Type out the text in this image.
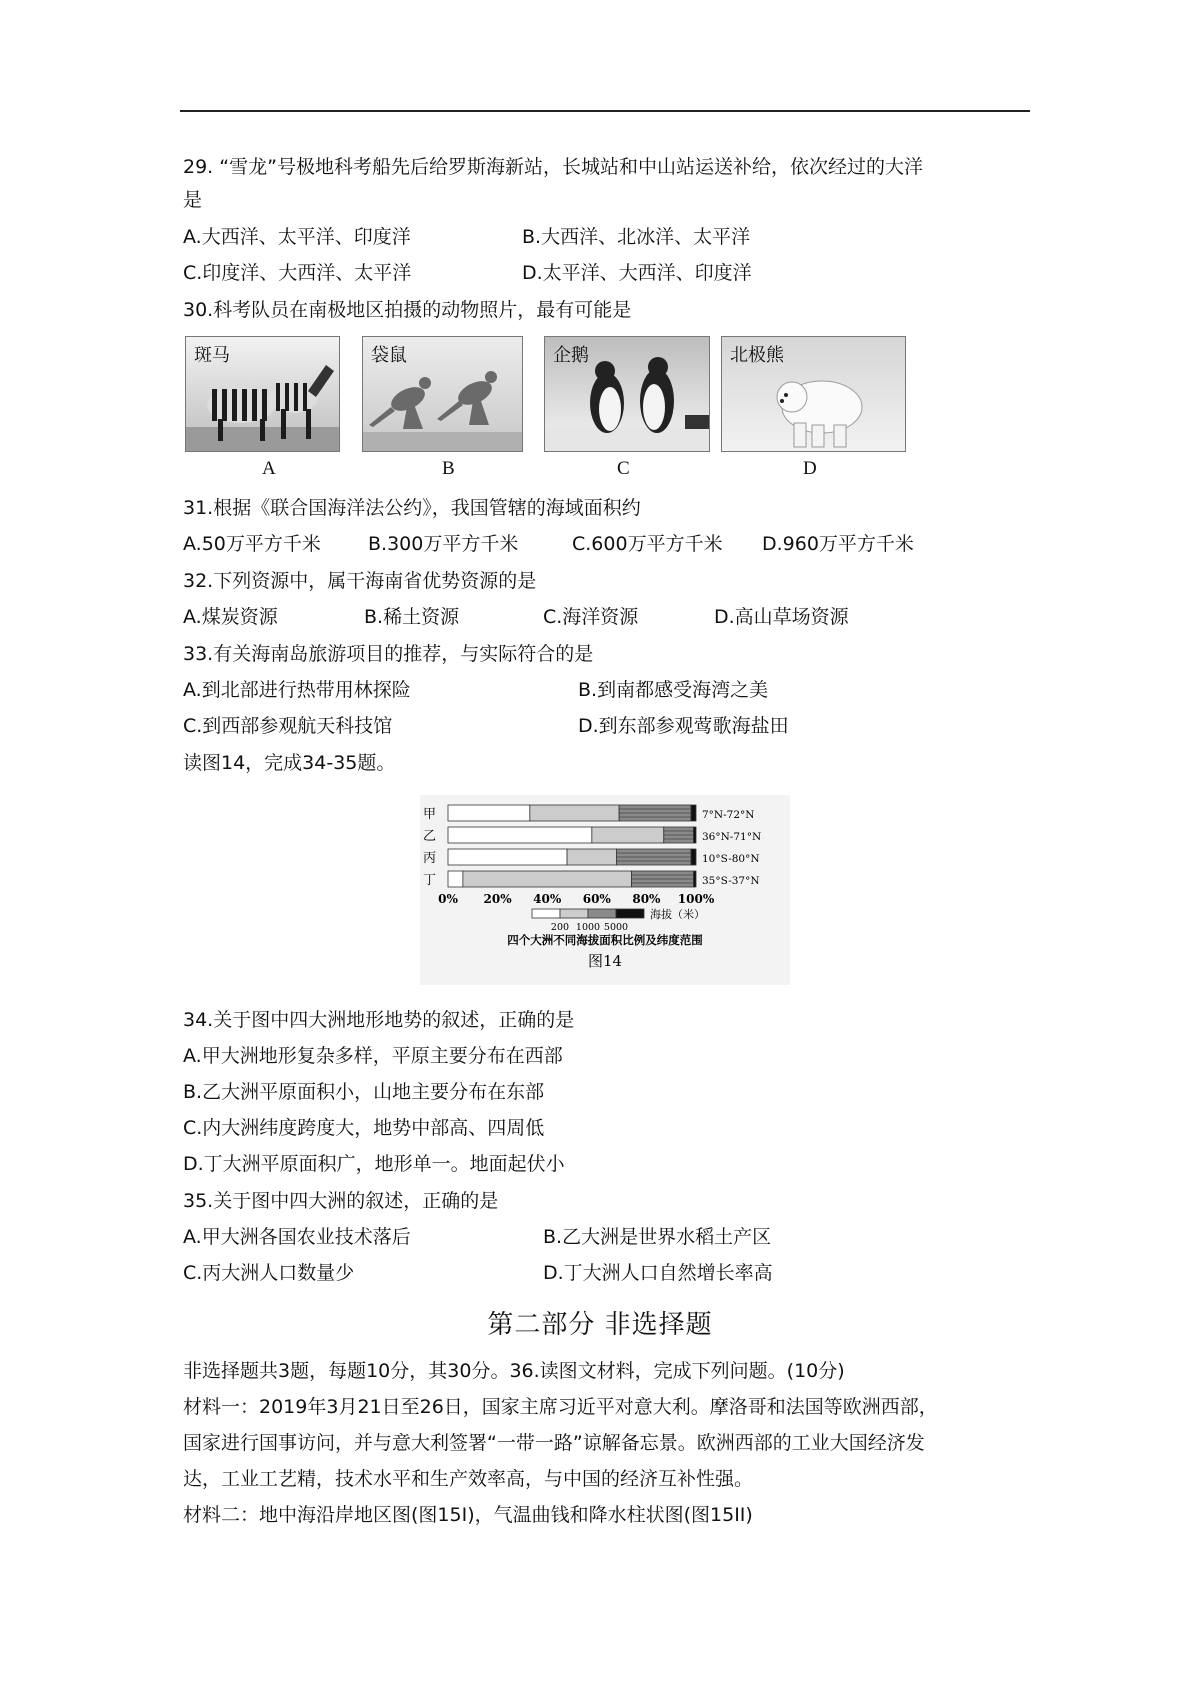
29. “雪龙”号极地科考船先后给罗斯海新站，长城站和中山站运送补给，依次经过的大洋
是
A.大西洋、太平洋、印度洋	B.大西洋、北冰洋、太平洋
C.印度洋、大西洋、太平洋	D.太平洋、大西洋、印度洋
30.科考队员在南极地区拍摄的动物照片，最有可能是
斑马	袋鼠	企鹅	北极熊
A	B	C	D
31.根据《联合国海洋法公约》，我国管辖的海域面积约
A.50万平方千米 B.300万平方千米	C.600万平方千米 D.960万平方千米
32.下列资源中，属干海南省优势资源的是
A.煤炭资源	B.稀土资源	C.海洋资源	D.高山草场资源
33.有关海南岛旅游项目的推荐，与实际符合的是
A.到北部进行热带用林探险	B.到南都感受海湾之美
C.到西部参观航天科技馆	D.到东部参观莺歌海盐田
读图14，完成34-35题。
甲	7°N-72°N
乙	36°N-71°N
丙	10°S-80°N
丁	35°S-37°N
0% 20% 40% 60% 80% 100%
海拔（米）
200 1000 5000
四个大洲不同海拔面积比例及纬度范围
图14
34.关于图中四大洲地形地势的叙述，正确的是
A.甲大洲地形复杂多样，平原主要分布在西部
B.乙大洲平原面积小，山地主要分布在东部
C.内大洲纬度跨度大，地势中部高、四周低
D.丁大洲平原面积广，地形单一。地面起伏小
35.关于图中四大洲的叙述，正确的是
A.甲大洲各国农业技术落后	B.乙大洲是世界水稻土产区
C.丙大洲人口数量少	D.丁大洲人口自然增长率高
第二部分 非选择题
非选择题共3题，每题10分，其30分。36.读图文材料，完成下列问题。(10分)
材料一：2019年3月21日至26日，国家主席习近平对意大利。摩洛哥和法国等欧洲西部，
国家进行国事访问，并与意大利签署“一带一路”谅解备忘景。欧洲西部的工业大国经济发
达，工业工艺精，技术水平和生产效率高，与中国的经济互补性强。
材料二：地中海沿岸地区图(图15I)，气温曲钱和降水柱状图(图15II)
